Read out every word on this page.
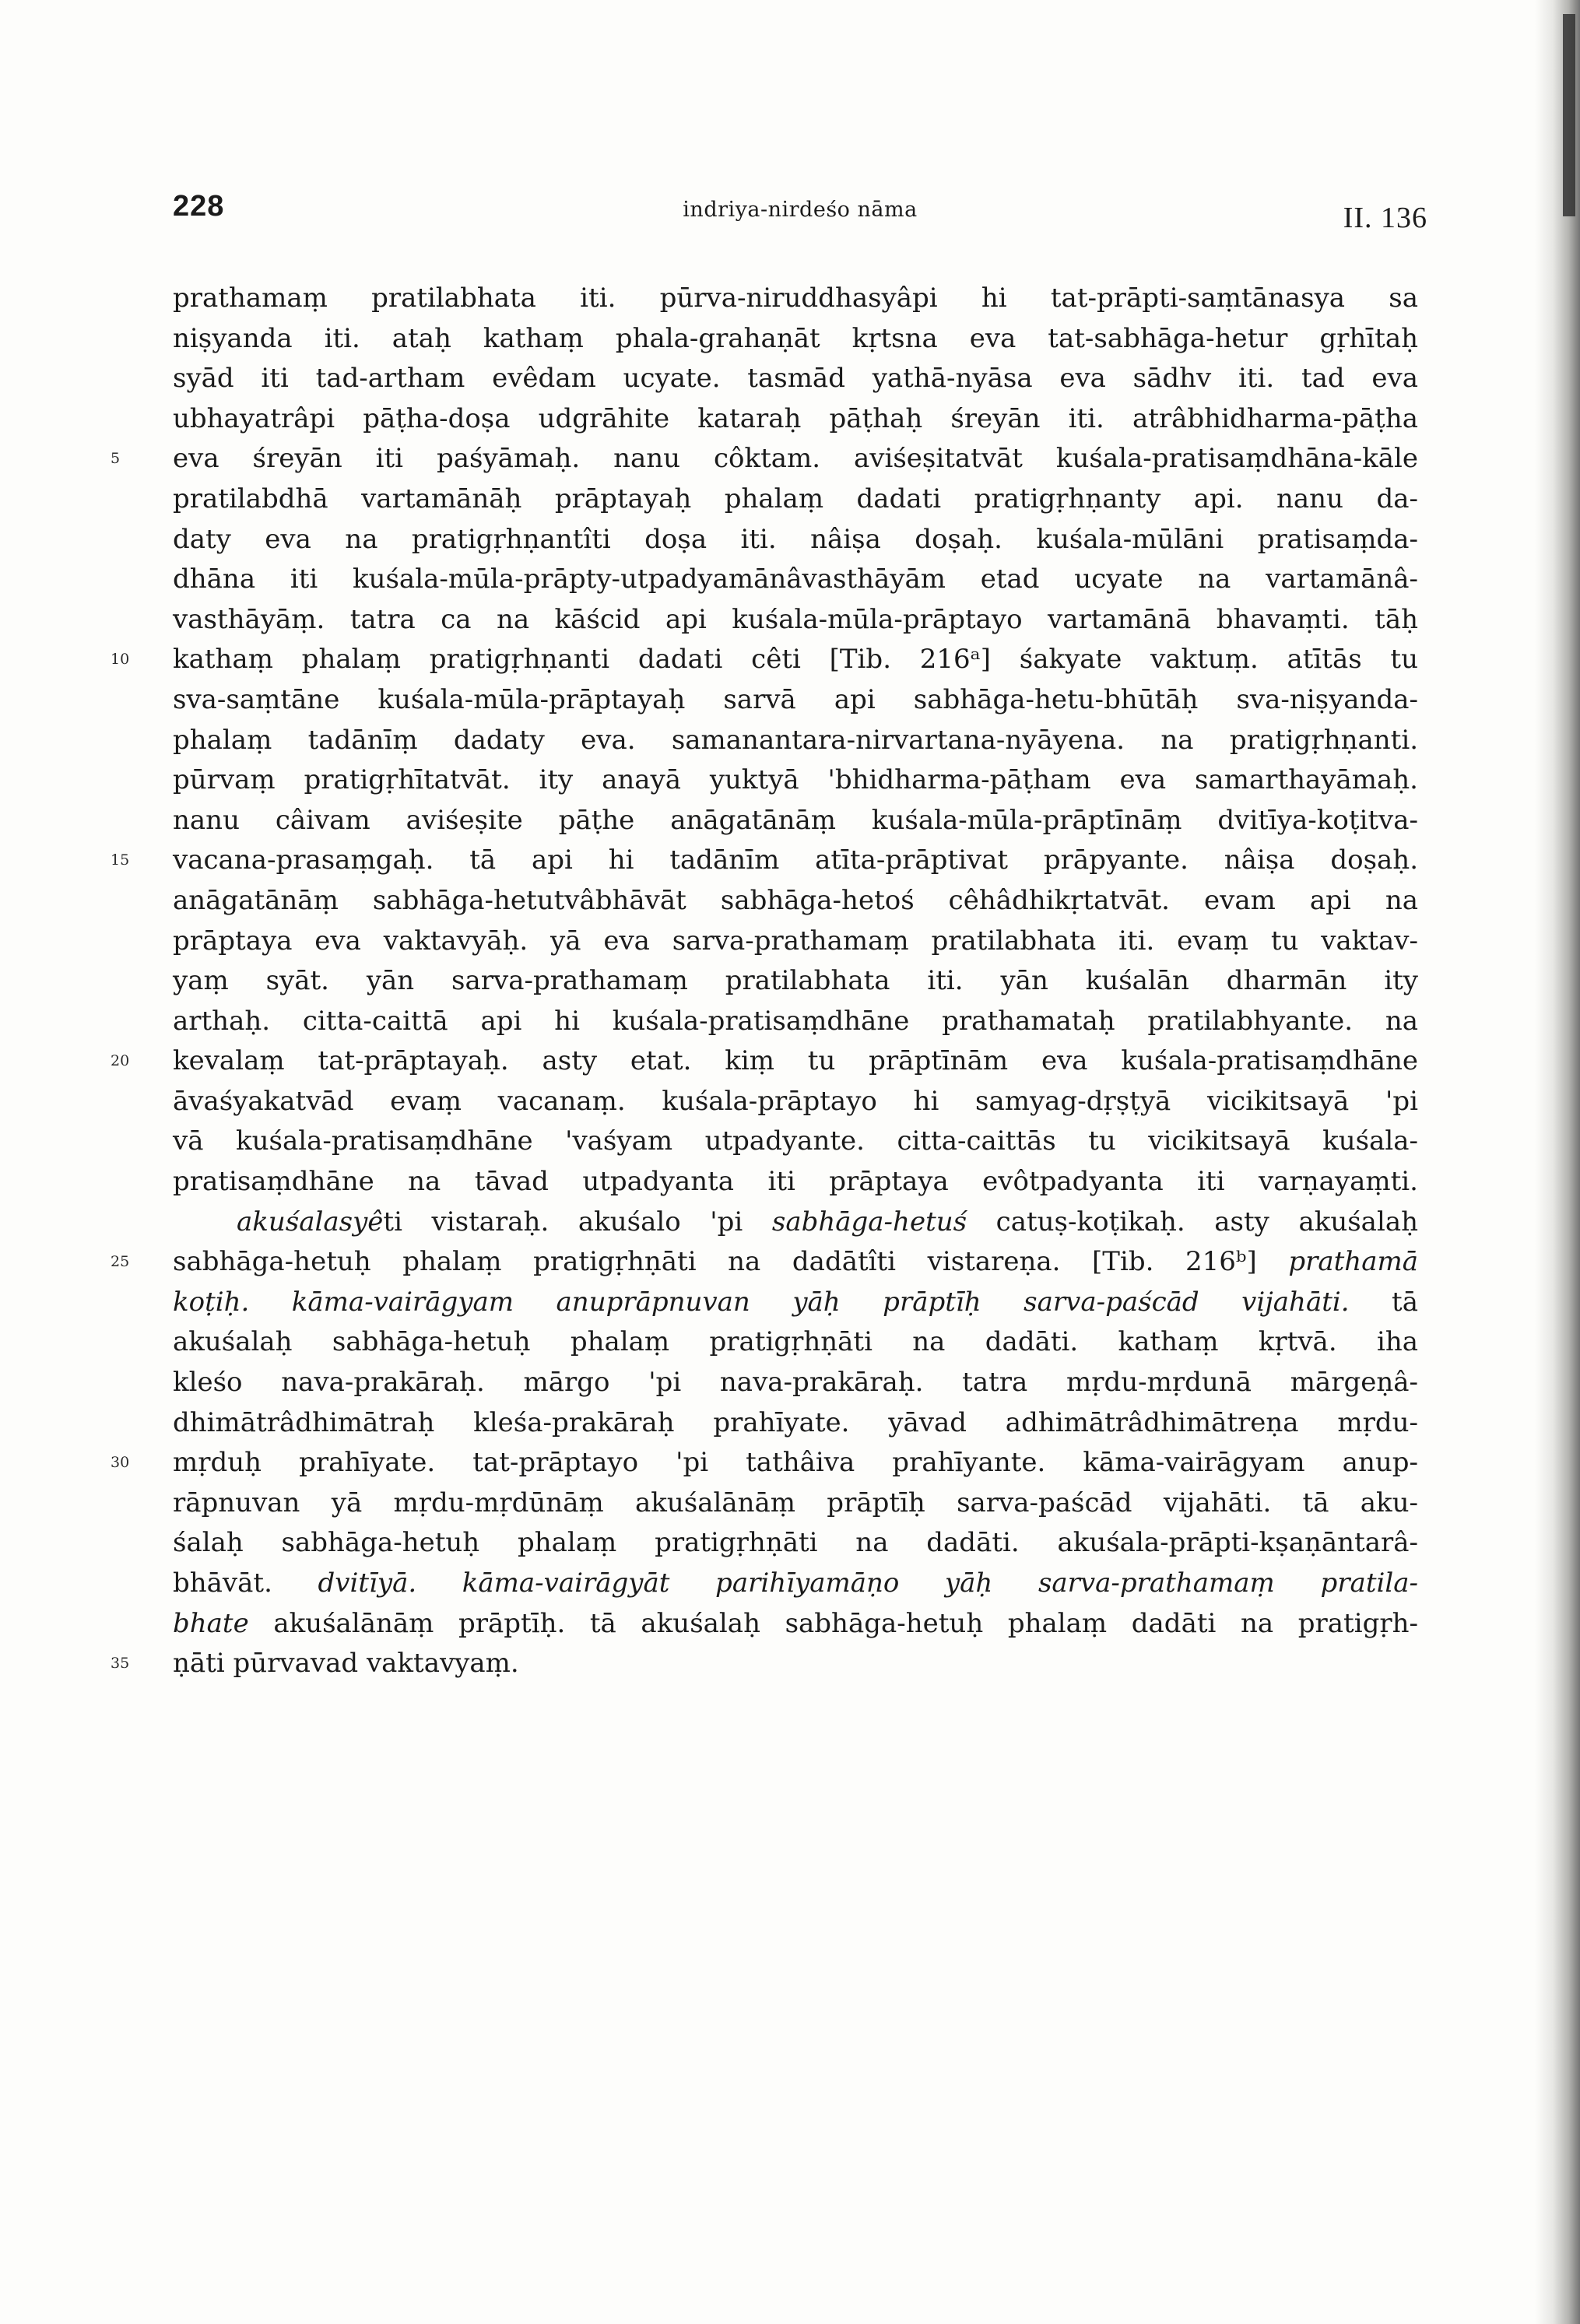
228	indriya-nirdeśo nāma	II. 136
prathamaṃ pratilabhata iti. pūrva-niruddhasyâpi hi tat-prāpti-saṃtānasya sa
niṣyanda iti. ataḥ kathaṃ phala-grahaṇāt kṛtsna eva tat-sabhāga-hetur gṛhītaḥ
syād iti tad-artham evêdam ucyate. tasmād yathā-nyāsa eva sādhv iti. tad eva
ubhayatrâpi pāṭha-doṣa udgrāhite kataraḥ pāṭhaḥ śreyān iti. atrâbhidharma-pāṭha
5	eva śreyān iti paśyāmaḥ. nanu côktam. aviśeṣitatvāt kuśala-pratisaṃdhāna-kāle
pratilabdhā vartamānāḥ prāptayaḥ phalaṃ dadati pratigṛhṇanty api. nanu da-
daty eva na pratigṛhṇantîti doṣa iti. nâiṣa doṣaḥ. kuśala-mūlāni pratisaṃda-
dhāna iti kuśala-mūla-prāpty-utpadyamānâvasthāyām etad ucyate na vartamānâ-
vasthāyāṃ. tatra ca na kāścid api kuśala-mūla-prāptayo vartamānā bhavaṃti. tāḥ
10	kathaṃ phalaṃ pratigṛhṇanti dadati cêti [Tib. 216ᵃ] śakyate vaktuṃ. atītās tu
sva-saṃtāne kuśala-mūla-prāptayaḥ sarvā api sabhāga-hetu-bhūtāḥ sva-niṣyanda-
phalaṃ tadānīṃ dadaty eva. samanantara-nirvartana-nyāyena. na pratigṛhṇanti.
pūrvaṃ pratigṛhītatvāt. ity anayā yuktyā 'bhidharma-pāṭham eva samarthayāmaḥ.
nanu câivam aviśeṣite pāṭhe anāgatānāṃ kuśala-mūla-prāptīnāṃ dvitīya-koṭitva-
15	vacana-prasaṃgaḥ. tā api hi tadānīm atīta-prāptivat prāpyante. nâiṣa doṣaḥ.
anāgatānāṃ sabhāga-hetutvâbhāvāt sabhāga-hetoś cêhâdhikṛtatvāt. evam api na
prāptaya eva vaktavyāḥ. yā eva sarva-prathamaṃ pratilabhata iti. evaṃ tu vaktav-
yaṃ syāt. yān sarva-prathamaṃ pratilabhata iti. yān kuśalān dharmān ity
arthaḥ. citta-caittā api hi kuśala-pratisaṃdhāne prathamataḥ pratilabhyante. na
20	kevalaṃ tat-prāptayaḥ. asty etat. kiṃ tu prāptīnām eva kuśala-pratisaṃdhāne
āvaśyakatvād evaṃ vacanaṃ. kuśala-prāptayo hi samyag-dṛṣṭyā vicikitsayā 'pi
vā kuśala-pratisaṃdhāne 'vaśyam utpadyante. citta-caittās tu vicikitsayā kuśala-
pratisaṃdhāne na tāvad utpadyanta iti prāptaya evôtpadyanta iti varṇayaṃti.
akuśalasyêti vistaraḥ. akuśalo 'pi sabhāga-hetuś catuṣ-koṭikaḥ. asty akuśalaḥ
25	sabhāga-hetuḥ phalaṃ pratigṛhṇāti na dadātîti vistareṇa. [Tib. 216ᵇ] prathamā
koṭiḥ. kāma-vairāgyam anuprāpnuvan yāḥ prāptīḥ sarva-paścād vijahāti. tā
akuśalaḥ sabhāga-hetuḥ phalaṃ pratigṛhṇāti na dadāti. kathaṃ kṛtvā. iha
kleśo nava-prakāraḥ. mārgo 'pi nava-prakāraḥ. tatra mṛdu-mṛdunā mārgeṇâ-
dhimātrâdhimātraḥ kleśa-prakāraḥ prahīyate. yāvad adhimātrâdhimātreṇa mṛdu-
30	mṛduḥ prahīyate. tat-prāptayo 'pi tathâiva prahīyante. kāma-vairāgyam anup-
rāpnuvan yā mṛdu-mṛdūnāṃ akuśalānāṃ prāptīḥ sarva-paścād vijahāti. tā aku-
śalaḥ sabhāga-hetuḥ phalaṃ pratigṛhṇāti na dadāti. akuśala-prāpti-kṣaṇāntarâ-
bhāvāt. dvitīyā. kāma-vairāgyāt parihīyamāṇo yāḥ sarva-prathamaṃ pratila-
bhate akuśalānāṃ prāptīḥ. tā akuśalaḥ sabhāga-hetuḥ phalaṃ dadāti na pratigṛh-
35	ṇāti pūrvavad vaktavyaṃ.
